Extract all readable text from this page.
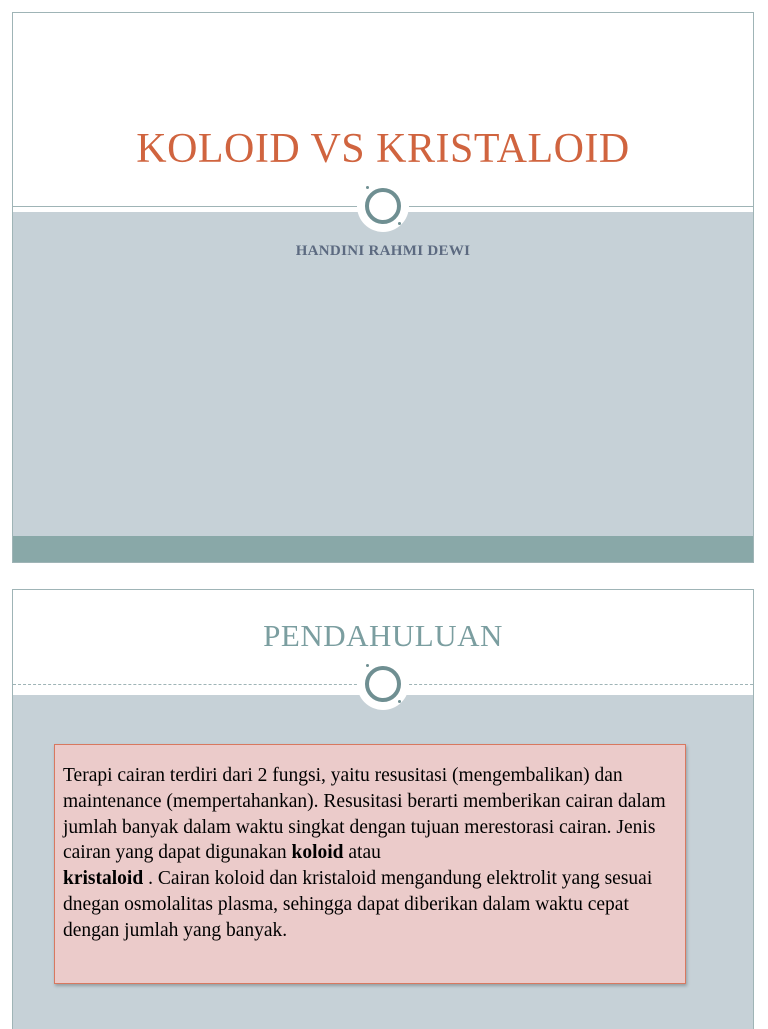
KOLOID VS KRISTALOID
HANDINI RAHMI DEWI
PENDAHULUAN
Terapi cairan terdiri dari 2 fungsi, yaitu resusitasi (mengembalikan) dan maintenance (mempertahankan). Resusitasi berarti memberikan cairan dalam jumlah banyak dalam waktu singkat dengan tujuan merestorasi cairan. Jenis cairan yang dapat digunakan koloid atau
kristaloid . Cairan koloid dan kristaloid mengandung elektrolit yang sesuai dnegan osmolalitas plasma, sehingga dapat diberikan dalam waktu cepat dengan jumlah yang banyak.
